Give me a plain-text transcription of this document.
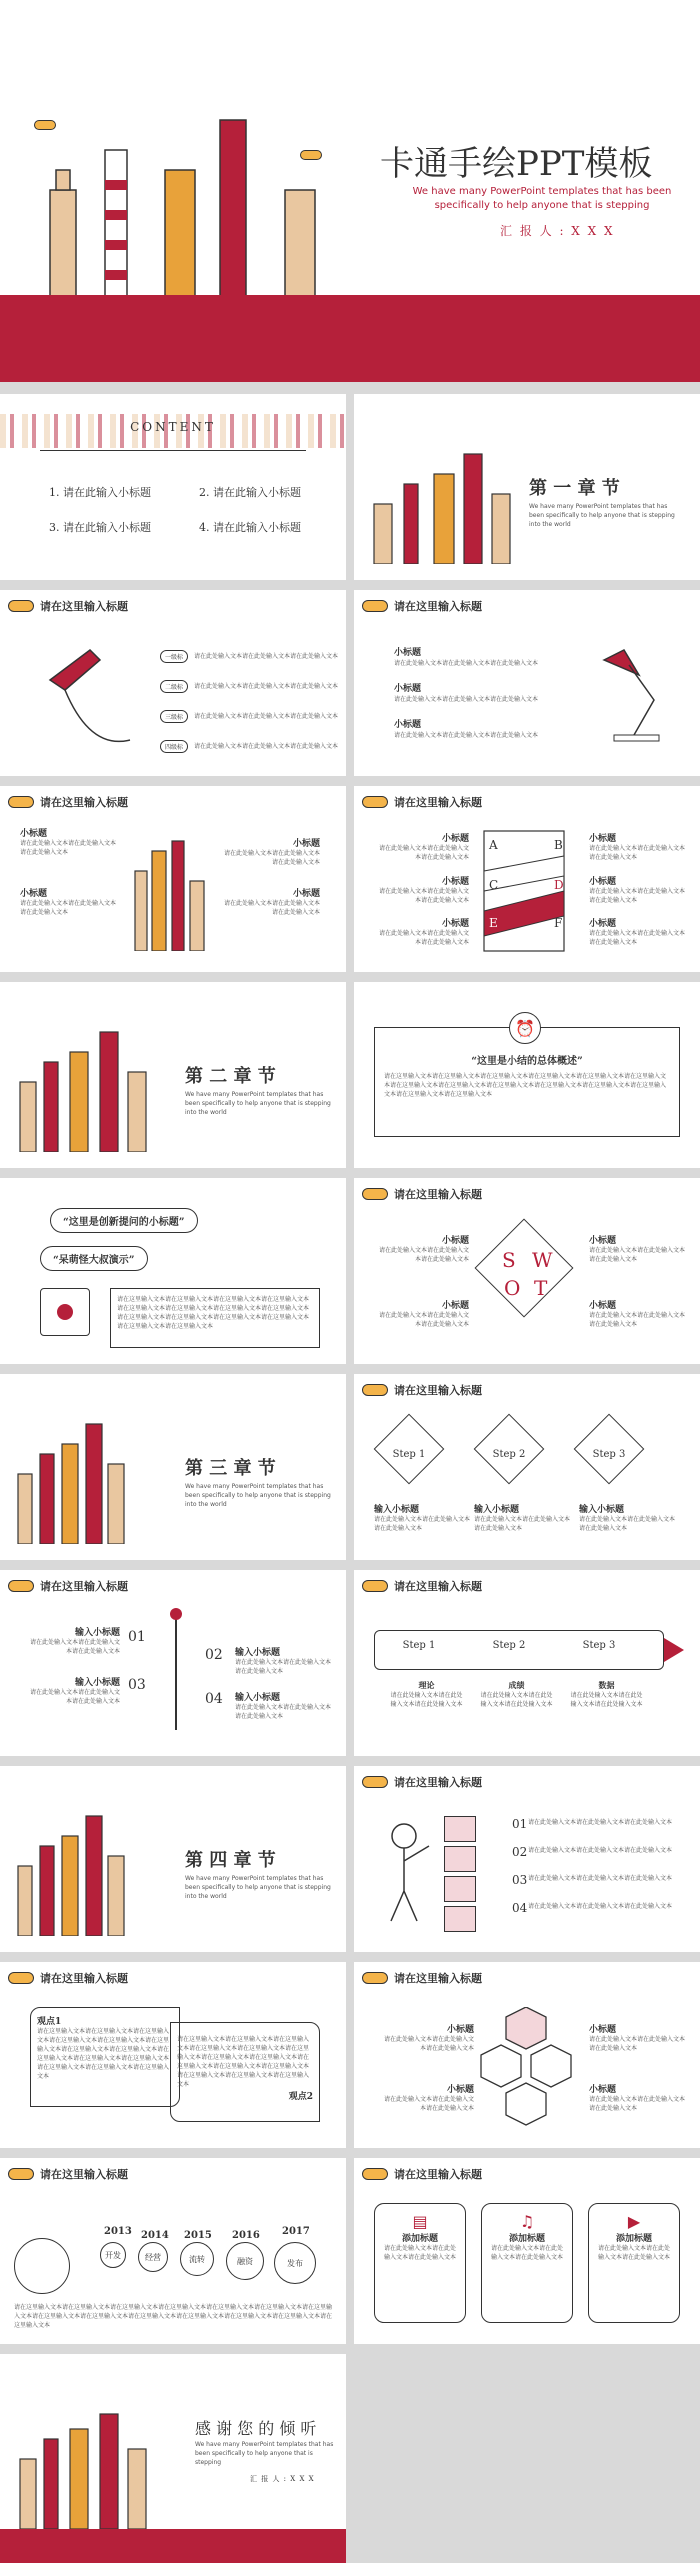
卡通手绘PPT模板
We have many PowerPoint templates that has been specifically to help anyone that is stepping
汇 报 人 : X X X
CONTENT
1. 请在此输入小标题	2. 请在此输入小标题
3. 请在此输入小标题	4. 请在此输入小标题
第 一 章 节
We have many PowerPoint templates that has been specifically to help anyone that is stepping into the world
请在这里输入标题
一级标	请在此处输入文本请在此处输入文本请在此处输入文本
二级标	请在此处输入文本请在此处输入文本请在此处输入文本
三级标	请在此处输入文本请在此处输入文本请在此处输入文本
四级标	请在此处输入文本请在此处输入文本请在此处输入文本
请在这里输入标题
小标题
请在此处输入文本请在此处输入文本请在此处输入文本
小标题
请在此处输入文本请在此处输入文本请在此处输入文本
小标题
请在此处输入文本请在此处输入文本请在此处输入文本
请在这里输入标题
小标题
请在此处输入文本请在此处输入文本请在此处输入文本
小标题
请在此处输入文本请在此处输入文本请在此处输入文本
小标题
请在此处输入文本请在此处输入文本请在此处输入文本
小标题
请在此处输入文本请在此处输入文本请在此处输入文本
请在这里输入标题
小标题
请在此处输入文本请在此处输入文本请在此处输入文本
小标题
请在此处输入文本请在此处输入文本请在此处输入文本
小标题
请在此处输入文本请在此处输入文本请在此处输入文本
A	B
C	D
E	F
小标题
请在此处输入文本请在此处输入文本请在此处输入文本
小标题
请在此处输入文本请在此处输入文本请在此处输入文本
小标题
请在此处输入文本请在此处输入文本请在此处输入文本
第 二 章 节
We have many PowerPoint templates that has been specifically to help anyone that is stepping into the world
⏰
“这里是小结的总体概述”
请在这里输入文本请在这里输入文本请在这里输入文本请在这里输入文本请在这里输入文本请在这里输入文本请在这里输入文本请在这里输入文本请在这里输入文本请在这里输入文本请在这里输入文本请在这里输入文本请在这里输入文本请在这里输入文本
“这里是创新提问的小标题”
“呆萌怪大叔演示”
请在这里输入文本请在这里输入文本请在这里输入文本请在这里输入文本请在这里输入文本请在这里输入文本请在这里输入文本请在这里输入文本请在这里输入文本请在这里输入文本请在这里输入文本请在这里输入文本请在这里输入文本请在这里输入文本
请在这里输入标题
小标题
请在此处输入文本请在此处输入文本请在此处输入文本
小标题
请在此处输入文本请在此处输入文本请在此处输入文本
S W
O T
小标题
请在此处输入文本请在此处输入文本请在此处输入文本
小标题
请在此处输入文本请在此处输入文本请在此处输入文本
第 三 章 节
We have many PowerPoint templates that has been specifically to help anyone that is stepping into the world
请在这里输入标题
Step 1	Step 2	Step 3
输入小标题
请在此处输入文本请在此处输入文本请在此处输入文本
输入小标题
请在此处输入文本请在此处输入文本请在此处输入文本
输入小标题
请在此处输入文本请在此处输入文本请在此处输入文本
请在这里输入标题
输入小标题
请在此处输入文本请在此处输入文本请在此处输入文本
输入小标题
请在此处输入文本请在此处输入文本请在此处输入文本
01
03
02
04
输入小标题
请在此处输入文本请在此处输入文本请在此处输入文本
输入小标题
请在此处输入文本请在此处输入文本请在此处输入文本
请在这里输入标题
Step 1	Step 2	Step 3
理论
请在此处输入文本请在此处输入文本请在此处输入文本
成绩
请在此处输入文本请在此处输入文本请在此处输入文本
数据
请在此处输入文本请在此处输入文本请在此处输入文本
第 四 章 节
We have many PowerPoint templates that has been specifically to help anyone that is stepping into the world
请在这里输入标题
01 请在此处输入文本请在此处输入文本请在此处输入文本
02 请在此处输入文本请在此处输入文本请在此处输入文本
03 请在此处输入文本请在此处输入文本请在此处输入文本
04 请在此处输入文本请在此处输入文本请在此处输入文本
请在这里输入标题
观点1
请在这里输入文本请在这里输入文本请在这里输入文本请在这里输入文本请在这里输入文本请在这里输入文本请在这里输入文本请在这里输入文本请在这里输入文本请在这里输入文本请在这里输入文本请在这里输入文本请在这里输入文本请在这里输入文本
请在这里输入文本请在这里输入文本请在这里输入文本请在这里输入文本请在这里输入文本请在这里输入文本请在这里输入文本请在这里输入文本请在这里输入文本请在这里输入文本请在这里输入文本请在这里输入文本请在这里输入文本请在这里输入文本
观点2
请在这里输入标题
小标题
请在此处输入文本请在此处输入文本请在此处输入文本
小标题
请在此处输入文本请在此处输入文本请在此处输入文本
小标题
请在此处输入文本请在此处输入文本请在此处输入文本
小标题
请在此处输入文本请在此处输入文本请在此处输入文本
请在这里输入标题
2013 2014 2015 2016 2017
开发	经营	流转	融资	发布
请在这里输入文本请在这里输入文本请在这里输入文本请在这里输入文本请在这里输入文本请在这里输入文本请在这里输入文本请在这里输入文本请在这里输入文本请在这里输入文本请在这里输入文本请在这里输入文本请在这里输入文本请在这里输入文本
请在这里输入标题
▤
添加标题
请在此处输入文本请在此处输入文本请在此处输入文本
♫
添加标题
请在此处输入文本请在此处输入文本请在此处输入文本
▶
添加标题
请在此处输入文本请在此处输入文本请在此处输入文本
感 谢 您 的 倾 听
We have many PowerPoint templates that has been specifically to help anyone that is stepping
汇 报 人 : X X X
